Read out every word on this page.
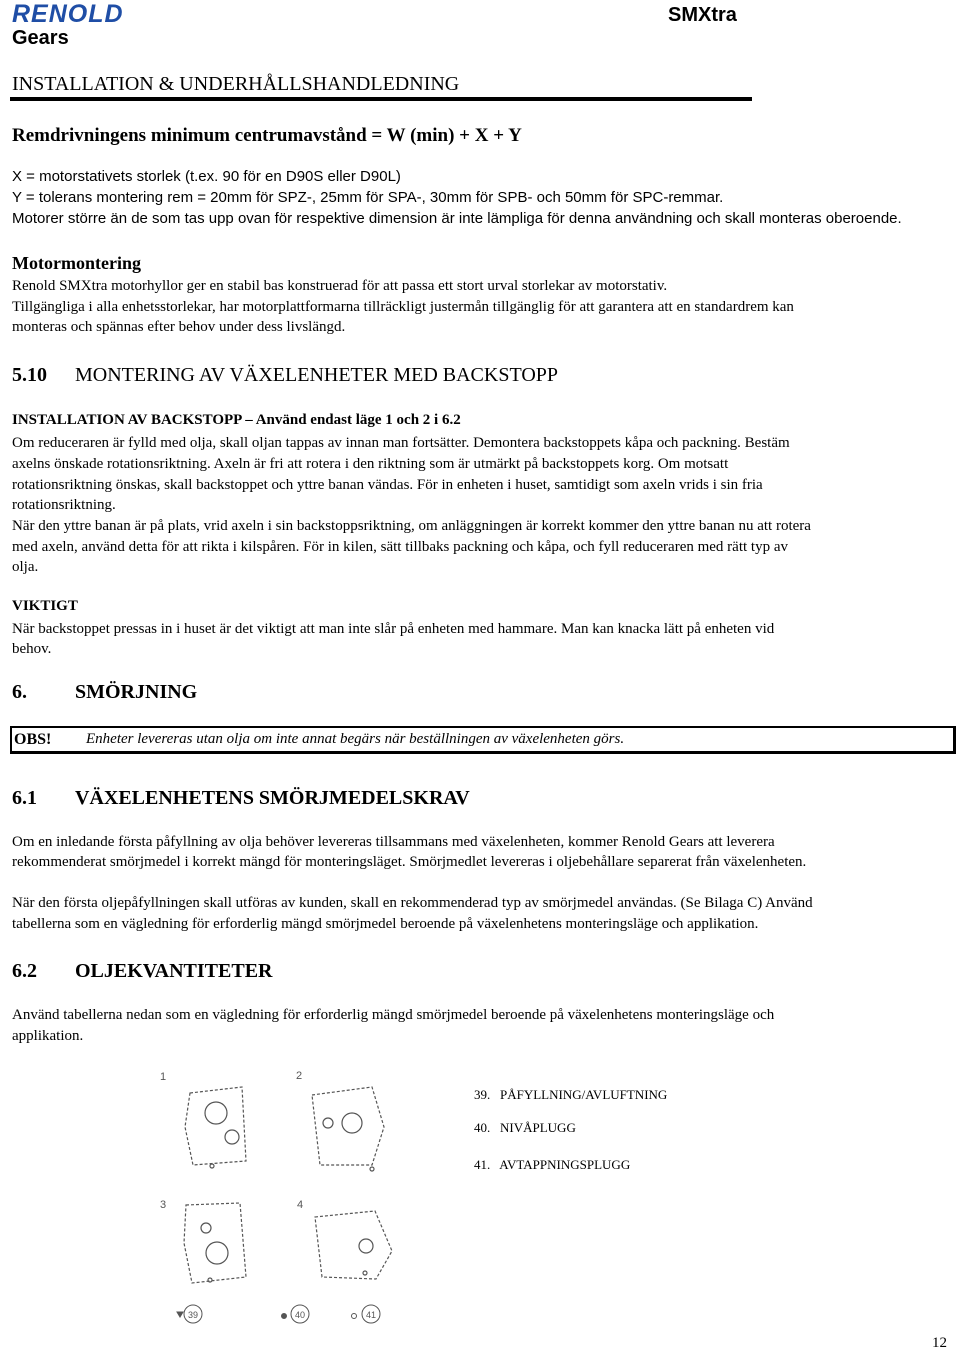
RENOLD
Gears
SMXtra
INSTALLATION & UNDERHÅLLSHANDLEDNING
Remdrivningens minimum centrumavstånd = W (min) + X + Y
X = motorstativets storlek (t.ex. 90 för en D90S eller D90L)
Y = tolerans montering rem = 20mm för SPZ-, 25mm för SPA-, 30mm för SPB- och 50mm för SPC-remmar.
Motorer större än de som tas upp ovan för respektive dimension är inte lämpliga för denna användning och skall monteras oberoende.
Motormontering
Renold SMXtra motorhyllor ger en stabil bas konstruerad för att passa ett stort urval storlekar av motorstativ.
Tillgängliga i alla enhetsstorlekar, har motorplattformarna tillräckligt justermån tillgänglig för att garantera att en standardrem kan
monteras och spännas efter behov under dess livslängd.
5.10 MONTERING AV VÄXELENHETER MED BACKSTOPP
INSTALLATION AV BACKSTOPP – Använd endast läge 1 och 2 i 6.2
Om reduceraren är fylld med olja, skall oljan tappas av innan man fortsätter. Demontera backstoppets kåpa och packning. Bestäm
axelns önskade rotationsriktning. Axeln är fri att rotera i den riktning som är utmärkt på backstoppets korg. Om motsatt
rotationsriktning önskas, skall backstoppet och yttre banan vändas. För in enheten i huset, samtidigt som axeln vrids i sin fria
rotationsriktning.
När den yttre banan är på plats, vrid axeln i sin backstoppsriktning, om anläggningen är korrekt kommer den yttre banan nu att rotera
med axeln, använd detta för att rikta i kilspåren. För in kilen, sätt tillbaks packning och kåpa, och fyll reduceraren med rätt typ av
olja.
VIKTIGT
När backstoppet pressas in i huset är det viktigt att man inte slår på enheten med hammare. Man kan knacka lätt på enheten vid
behov.
6. SMÖRJNING
OBS! Enheter levereras utan olja om inte annat begärs när beställningen av växelenheten görs.
6.1 VÄXELENHETENS SMÖRJMEDELSKRAV
Om en inledande första påfyllning av olja behöver levereras tillsammans med växelenheten, kommer Renold Gears att leverera
rekommenderat smörjmedel i korrekt mängd för monteringsläget. Smörjmedlet levereras i oljebehållare separerat från växelenheten.
När den första oljepåfyllningen skall utföras av kunden, skall en rekommenderad typ av smörjmedel användas. (Se Bilaga C) Använd
tabellerna som en vägledning för erforderlig mängd smörjmedel beroende på växelenhetens monteringsläge och applikation.
6.2 OLJEKVANTITETER
Använd tabellerna nedan som en vägledning för erforderlig mängd smörjmedel beroende på växelenhetens monteringsläge och
applikation.
1	2
3	4
39	40	41
39. PÅFYLLNING/AVLUFTNING
40. NIVÅPLUGG
41. AVTAPPNINGSPLUGG
12
